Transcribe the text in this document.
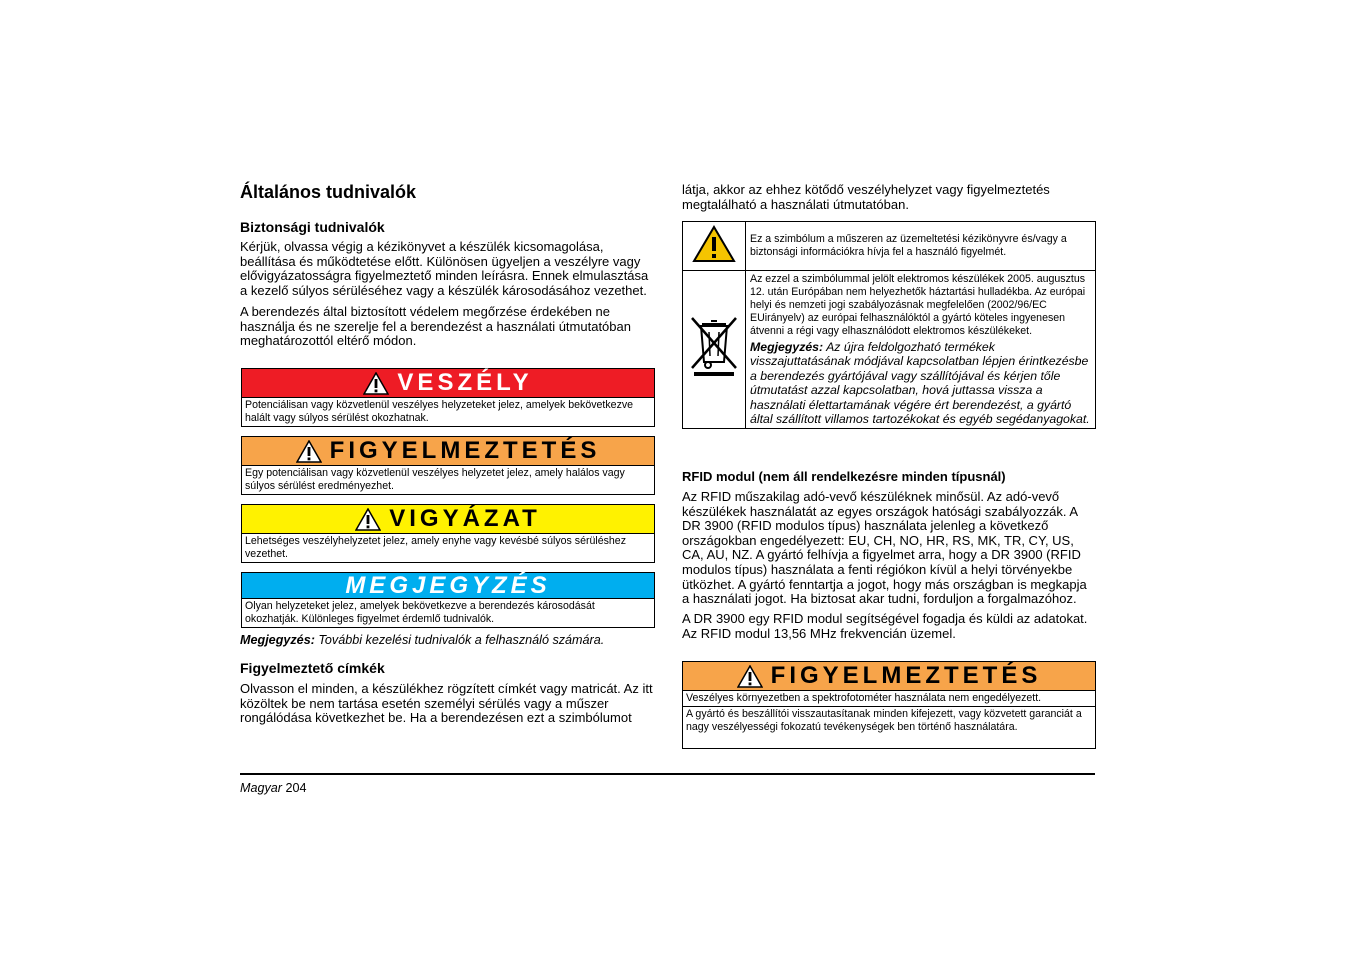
Általános tudnivalók
Biztonsági tudnivalók

Kérjük, olvassa végig a kézikönyvet a készülék kicsomagolása, beállítása és működtetése előtt. Különösen ügyeljen a veszélyre vagy elővigyázatosságra figyelmeztető minden leírásra. Ennek elmulasztása a kezelő súlyos sérüléséhez vagy a készülék károsodásához vezethet.

A berendezés által biztosított védelem megőrzése érdekében ne használja és ne szerelje fel a berendezést a használati útmutatóban meghatározottól eltérő módon.

VESZÉLY
Potenciálisan vagy közvetlenül veszélyes helyzeteket jelez, amelyek bekövetkezve halált vagy súlyos sérülést okozhatnak.
FIGYELMEZTETÉS
Egy potenciálisan vagy közvetlenül veszélyes helyzetet jelez, amely halálos vagy súlyos sérülést eredményezhet.
VIGYÁZAT
Lehetséges veszélyhelyzetet jelez, amely enyhe vagy kevésbé súlyos sérüléshez vezethet.
MEGJEGYZÉS
Olyan helyzeteket jelez, amelyek bekövetkezve a berendezés károsodását okozhatják. Különleges figyelmet érdemlő tudnivalók.
Megjegyzés: További kezelési tudnivalók a felhasználó számára.
Figyelmeztető címkék

Olvasson el minden, a készülékhez rögzített címkét vagy matricát. Az itt közöltek be nem tartása esetén személyi sérülés vagy a műszer rongálódása következhet be. Ha a berendezésen ezt a szimbólumot

látja, akkor az ehhez kötődő veszélyhelyzet vagy figyelmeztetés megtalálható a használati útmutatóban.

	Ez a szimbólum a műszeren az üzemeltetési kézikönyvre és/vagy a biztonsági információkra hívja fel a használó figyelmét.

Az ezzel a szimbólummal jelölt elektromos készülékek 2005. augusztus 12. után Európában nem helyezhetők háztartási hulladékba. Az európai helyi és nemzeti jogi szabályozásnak megfelelően (2002/96/EC EUirányelv) az európai felhasználóktól a gyártó köteles ingyenesen átvenni a régi vagy elhasználódott elektromos készülékeket.
Megjegyzés: Az újra feldolgozható termékek visszajuttatásának módjával kapcsolatban lépjen érintkezésbe a berendezés gyártójával vagy szállítójával és kérjen tőle útmutatást azzal kapcsolatban, hová juttassa vissza a használati élettartamának végére ért berendezést, a gyártó által szállított villamos tartozékokat és egyéb segédanyagokat.
RFID modul (nem áll rendelkezésre minden típusnál)

Az RFID műszakilag adó-vevő készüléknek minősül. Az adó-vevő készülékek használatát az egyes országok hatósági szabályozzák. A DR 3900 (RFID modulos típus) használata jelenleg a következő országokban engedélyezett: EU, CH, NO, HR, RS, MK, TR, CY, US, CA, AU, NZ. A gyártó felhívja a figyelmet arra, hogy a DR 3900 (RFID modulos típus) használata a fenti régiókon kívül a helyi törvényekbe ütközhet. A gyártó fenntartja a jogot, hogy más országban is megkapja a használati jogot. Ha biztosat akar tudni, forduljon a forgalmazóhoz.

A DR 3900 egy RFID modul segítségével fogadja és küldi az adatokat. Az RFID modul 13,56 MHz frekvencián üzemel.

FIGYELMEZTETÉS
Veszélyes környezetben a spektrofotométer használata nem engedélyezett.
A gyártó és beszállítói visszautasítanak minden kifejezett, vagy közvetett garanciát a nagy veszélyességi fokozatú tevékenységek ben történő használatára.
Magyar 204
